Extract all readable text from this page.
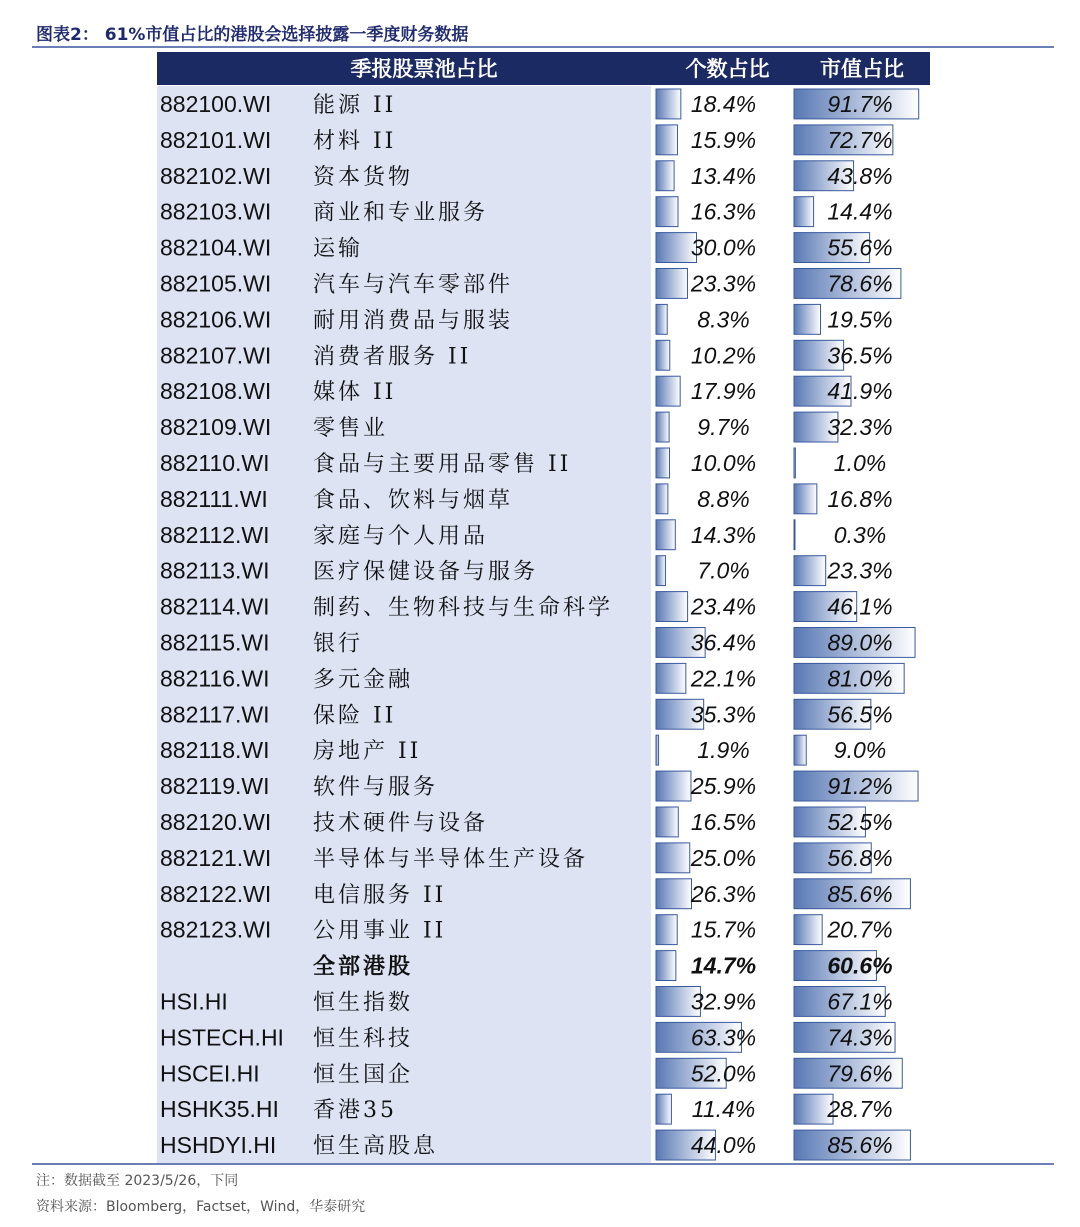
图表2： 61%市值占比的港股会选择披露一季度财务数据
季报股票池占比	个数占比 市值占比
882100.WI 能源 II	18.4%	91.7%
882101.WI 材料 II	15.9%	72.7%
882102.WI 资本货物	13.4%	43.8%
882103.WI 商业和专业服务	16.3%	14.4%
882104.WI 运输	30.0%	55.6%
882105.WI 汽车与汽车零部件	23.3%	78.6%
882106.WI 耐用消费品与服装	8.3%	19.5%
882107.WI 消费者服务 II	10.2%	36.5%
882108.WI 媒体 II	17.9%	41.9%
882109.WI 零售业	9.7%	32.3%
882110.WI 食品与主要用品零售 II	10.0%	1.0%
882111.WI 食品、饮料与烟草	8.8%	16.8%
882112.WI 家庭与个人用品	14.3%	0.3%
882113.WI 医疗保健设备与服务	7.0%	23.3%
882114.WI 制药、生物科技与生命科学	23.4%	46.1%
882115.WI 银行	36.4%	89.0%
882116.WI 多元金融	22.1%	81.0%
882117.WI 保险 II	35.3%	56.5%
882118.WI 房地产 II	1.9%	9.0%
882119.WI 软件与服务	25.9%	91.2%
882120.WI 技术硬件与设备	16.5%	52.5%
882121.WI 半导体与半导体生产设备	25.0%	56.8%
882122.WI 电信服务 II	26.3%	85.6%
882123.WI 公用事业 II	15.7%	20.7%
全部港股	14.7%	60.6%
HSI.HI	恒生指数	32.9%	67.1%
HSTECH.HI 恒生科技	63.3%	74.3%
HSCEI.HI 恒生国企	52.0%	79.6%
HSHK35.HI 香港35	11.4%	28.7%
HSHDYI.HI 恒生高股息	44.0%	85.6%
注：数据截至 2023/5/26，下同
资料来源：Bloomberg，Factset，Wind，华泰研究
